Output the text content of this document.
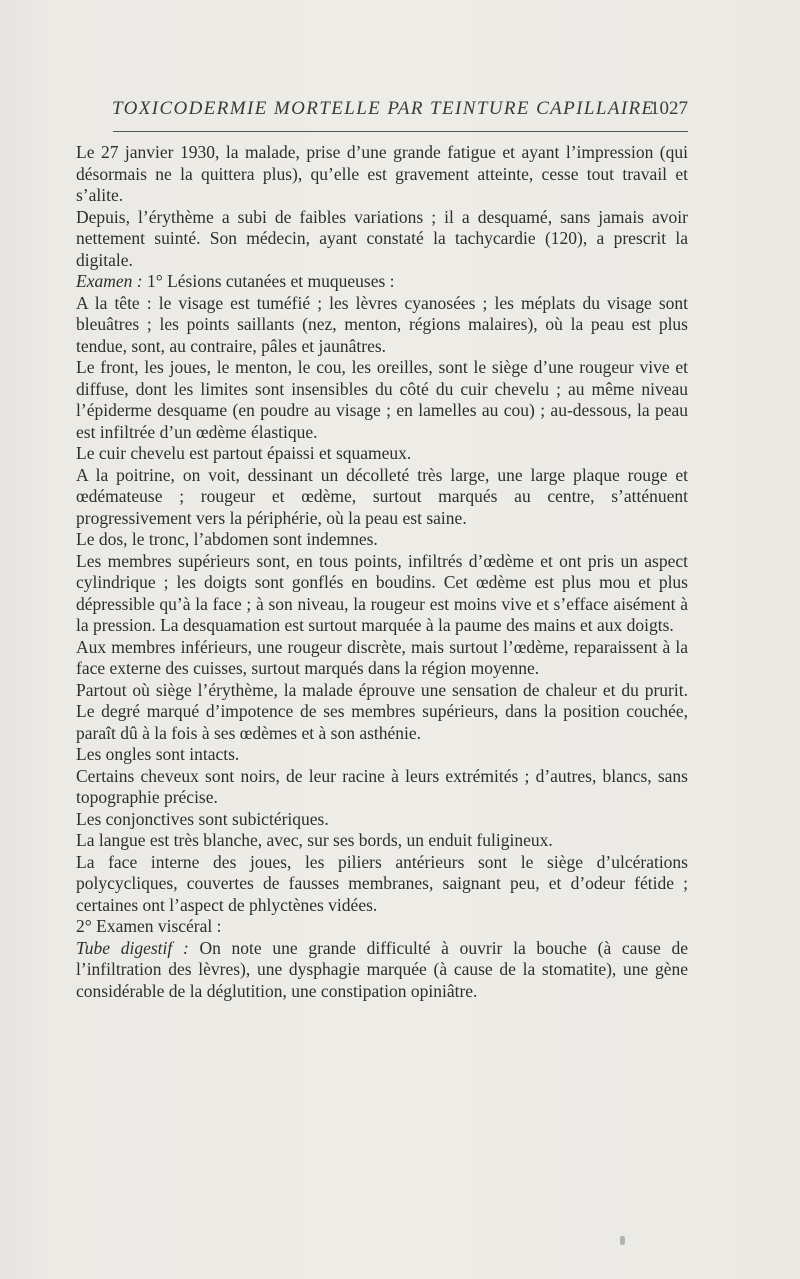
TOXICODERMIE MORTELLE PAR TEINTURE CAPILLAIRE
1027

Le 27 janvier 1930, la malade, prise d’une grande fatigue et ayant l’impression (qui désormais ne la quittera plus), qu’elle est gravement atteinte, cesse tout travail et s’alite.

Depuis, l’érythème a subi de faibles variations ; il a desquamé, sans jamais avoir nettement suinté. Son médecin, ayant constaté la tachycardie (120), a prescrit la digitale.

Examen : 1° Lésions cutanées et muqueuses :

A la tête : le visage est tuméfié ; les lèvres cyanosées ; les méplats du visage sont bleuâtres ; les points saillants (nez, menton, régions malaires), où la peau est plus tendue, sont, au contraire, pâles et jaunâtres.

Le front, les joues, le menton, le cou, les oreilles, sont le siège d’une rougeur vive et diffuse, dont les limites sont insensibles du côté du cuir chevelu ; au même niveau l’épiderme desquame (en poudre au visage ; en lamelles au cou) ; au-dessous, la peau est infiltrée d’un œdème élastique.

Le cuir chevelu est partout épaissi et squameux.

A la poitrine, on voit, dessinant un décolleté très large, une large plaque rouge et œdémateuse ; rougeur et œdème, surtout marqués au centre, s’atténuent progressivement vers la périphérie, où la peau est saine.

Le dos, le tronc, l’abdomen sont indemnes.

Les membres supérieurs sont, en tous points, infiltrés d’œdème et ont pris un aspect cylindrique ; les doigts sont gonflés en boudins. Cet œdème est plus mou et plus dépressible qu’à la face ; à son niveau, la rougeur est moins vive et s’efface aisément à la pression. La desquamation est surtout marquée à la paume des mains et aux doigts.

Aux membres inférieurs, une rougeur discrète, mais surtout l’œdème, reparaissent à la face externe des cuisses, surtout marqués dans la région moyenne.

Partout où siège l’érythème, la malade éprouve une sensation de chaleur et du prurit. Le degré marqué d’impotence de ses membres supérieurs, dans la position couchée, paraît dû à la fois à ses œdèmes et à son asthénie.

Les ongles sont intacts.

Certains cheveux sont noirs, de leur racine à leurs extrémités ; d’autres, blancs, sans topographie précise.

Les conjonctives sont subictériques.

La langue est très blanche, avec, sur ses bords, un enduit fuligineux.

La face interne des joues, les piliers antérieurs sont le siège d’ulcérations polycycliques, couvertes de fausses membranes, saignant peu, et d’odeur fétide ; certaines ont l’aspect de phlyctènes vidées.

2° Examen viscéral :

Tube digestif : On note une grande difficulté à ouvrir la bouche (à cause de l’infiltration des lèvres), une dysphagie marquée (à cause de la stomatite), une gène considérable de la déglutition, une constipation opiniâtre.
